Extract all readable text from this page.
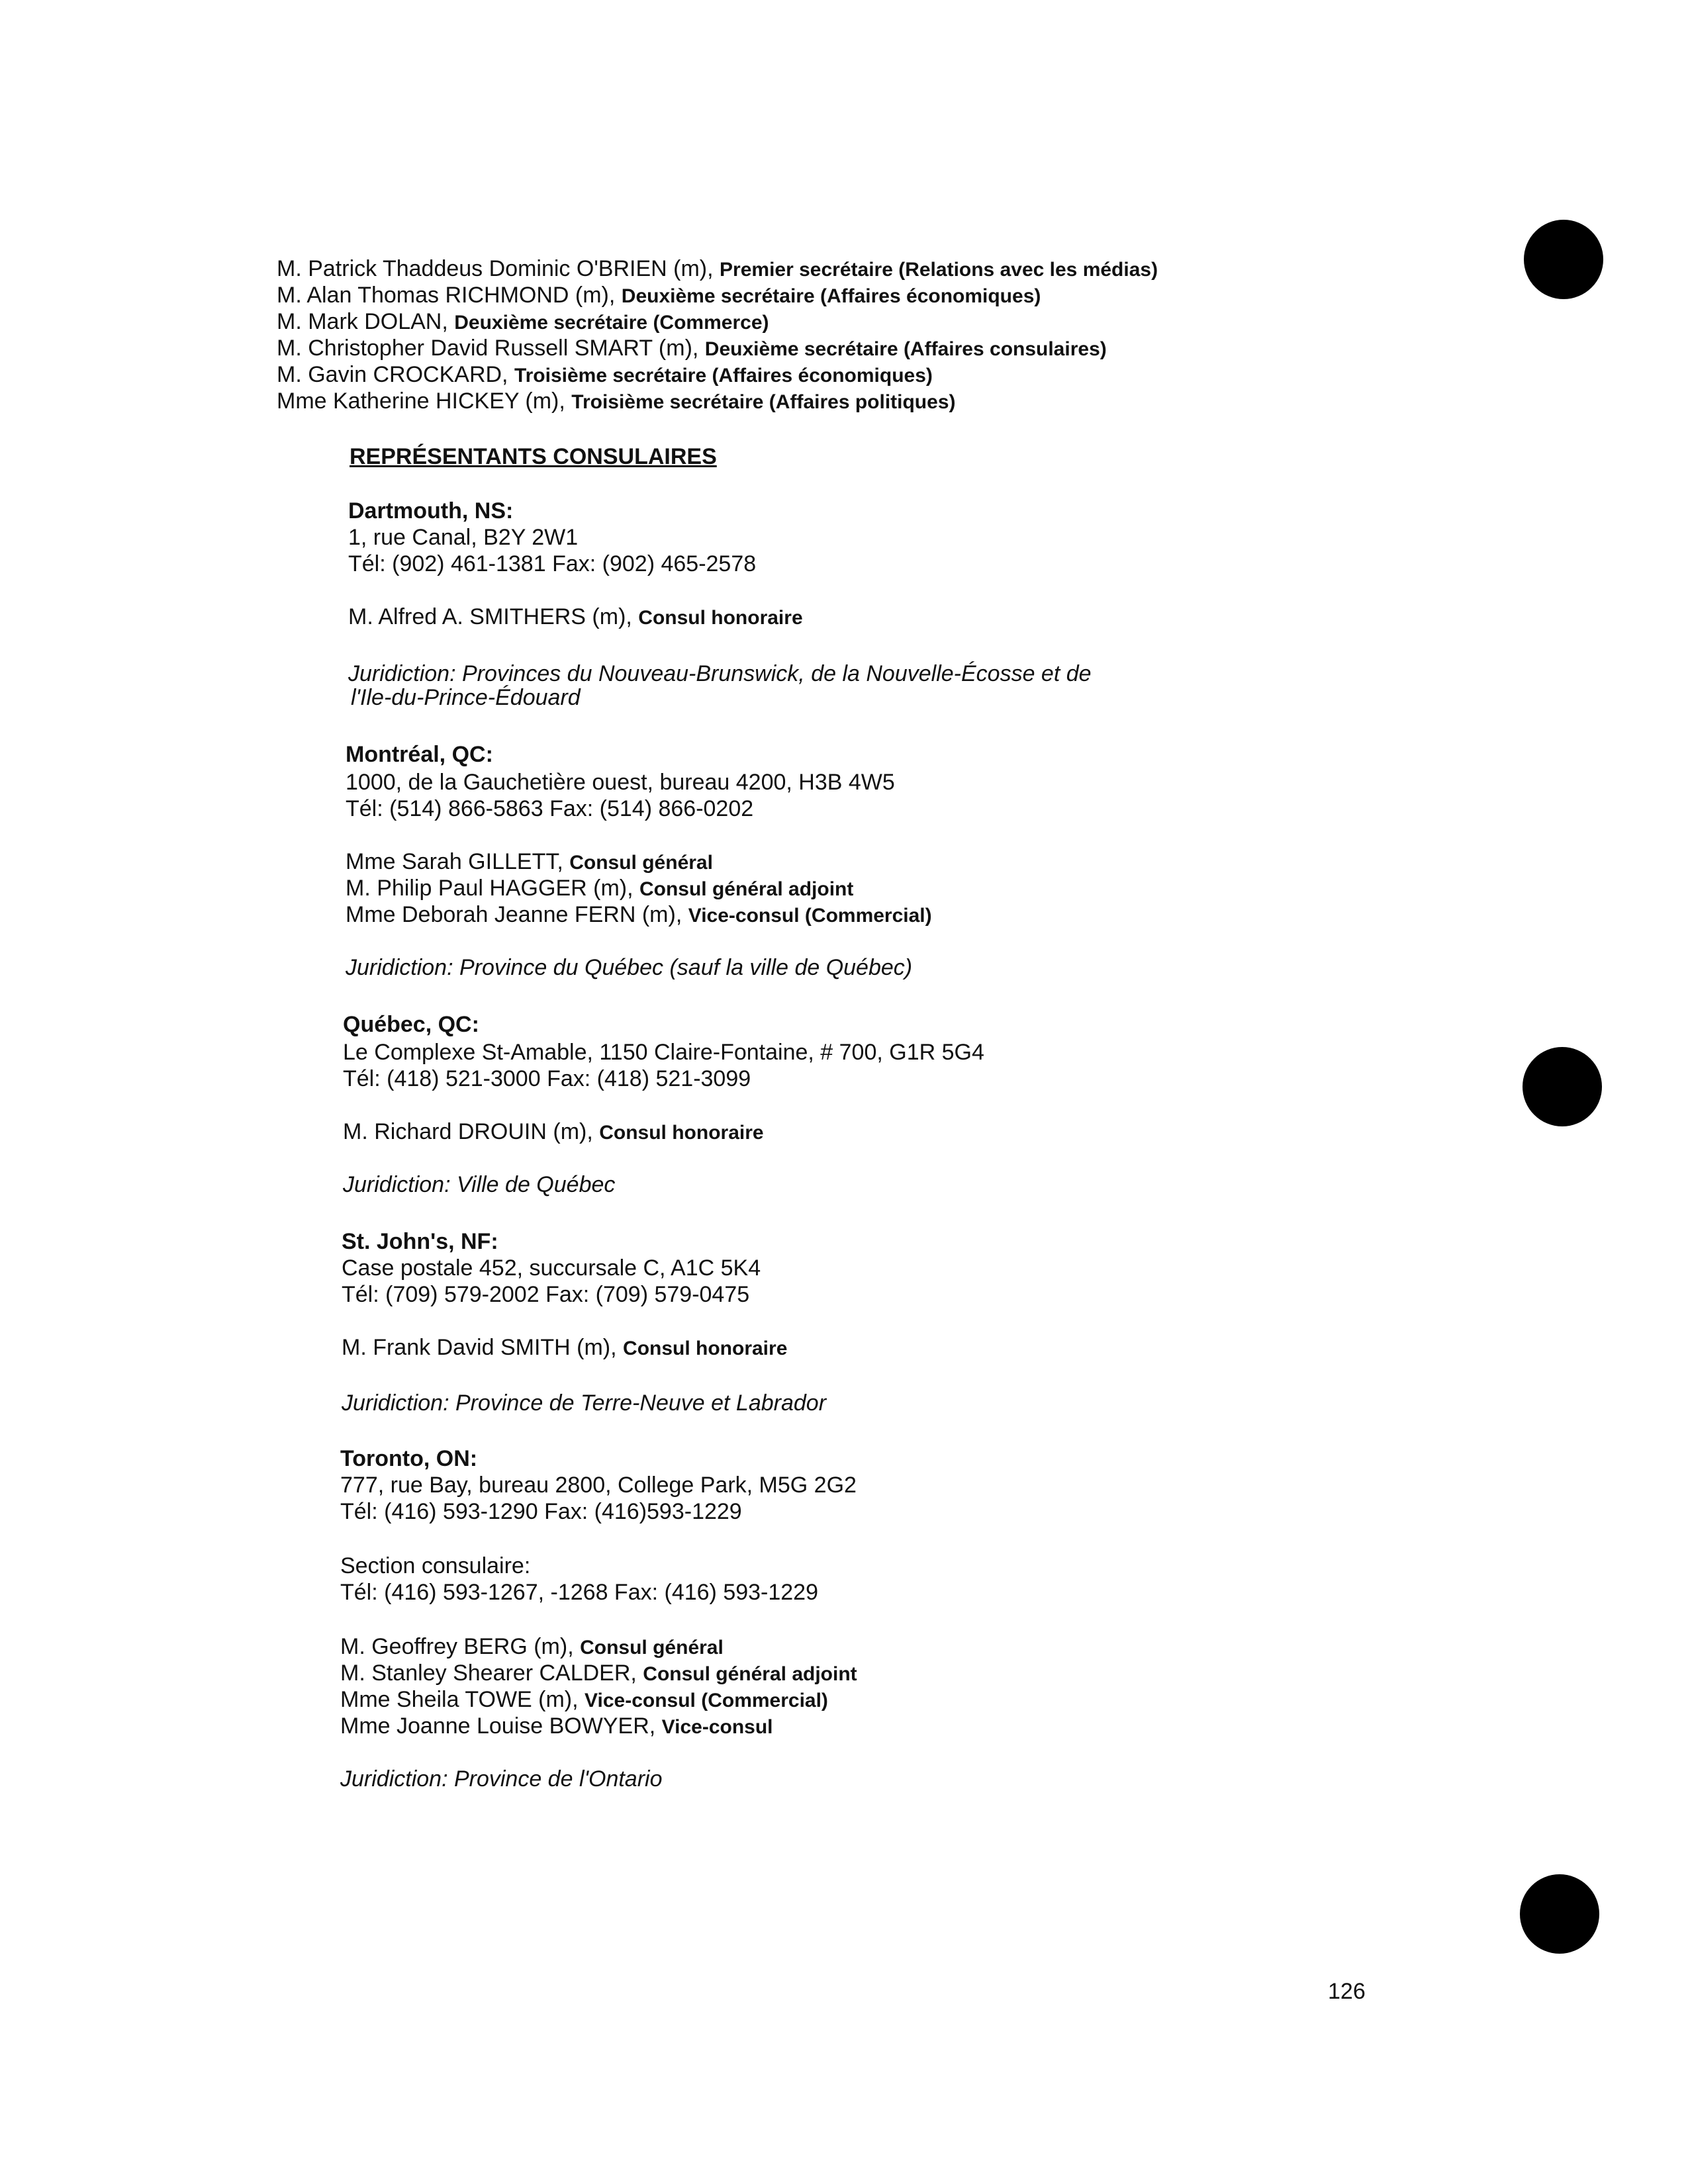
M. Patrick Thaddeus Dominic O'BRIEN (m), Premier secrétaire (Relations avec les médias)
M. Alan Thomas RICHMOND (m), Deuxième secrétaire (Affaires économiques)
M. Mark DOLAN, Deuxième secrétaire (Commerce)
M. Christopher David Russell SMART (m), Deuxième secrétaire (Affaires consulaires)
M. Gavin CROCKARD, Troisième secrétaire (Affaires économiques)
Mme Katherine HICKEY (m), Troisième secrétaire (Affaires politiques)
REPRÉSENTANTS CONSULAIRES
Dartmouth, NS:
1, rue Canal, B2Y 2W1
Tél: (902) 461-1381 Fax: (902) 465-2578
M. Alfred A. SMITHERS (m), Consul honoraire
Juridiction: Provinces du Nouveau-Brunswick, de la Nouvelle-Écosse et de
l'Ile-du-Prince-Édouard
Montréal, QC:
1000, de la Gauchetière ouest, bureau 4200, H3B 4W5
Tél: (514) 866-5863 Fax: (514) 866-0202
Mme Sarah GILLETT, Consul général
M. Philip Paul HAGGER (m), Consul général adjoint
Mme Deborah Jeanne FERN (m), Vice-consul (Commercial)
Juridiction: Province du Québec (sauf la ville de Québec)
Québec, QC:
Le Complexe St-Amable, 1150 Claire-Fontaine, # 700, G1R 5G4
Tél: (418) 521-3000 Fax: (418) 521-3099
M. Richard DROUIN (m), Consul honoraire
Juridiction: Ville de Québec
St. John's, NF:
Case postale 452, succursale C, A1C 5K4
Tél: (709) 579-2002 Fax: (709) 579-0475
M. Frank David SMITH (m), Consul honoraire
Juridiction: Province de Terre-Neuve et Labrador
Toronto, ON:
777, rue Bay, bureau 2800, College Park, M5G 2G2
Tél: (416) 593-1290 Fax: (416)593-1229
Section consulaire:
Tél: (416) 593-1267, -1268 Fax: (416) 593-1229
M. Geoffrey BERG (m), Consul général
M. Stanley Shearer CALDER, Consul général adjoint
Mme Sheila TOWE (m), Vice-consul (Commercial)
Mme Joanne Louise BOWYER, Vice-consul
Juridiction: Province de l'Ontario
126
